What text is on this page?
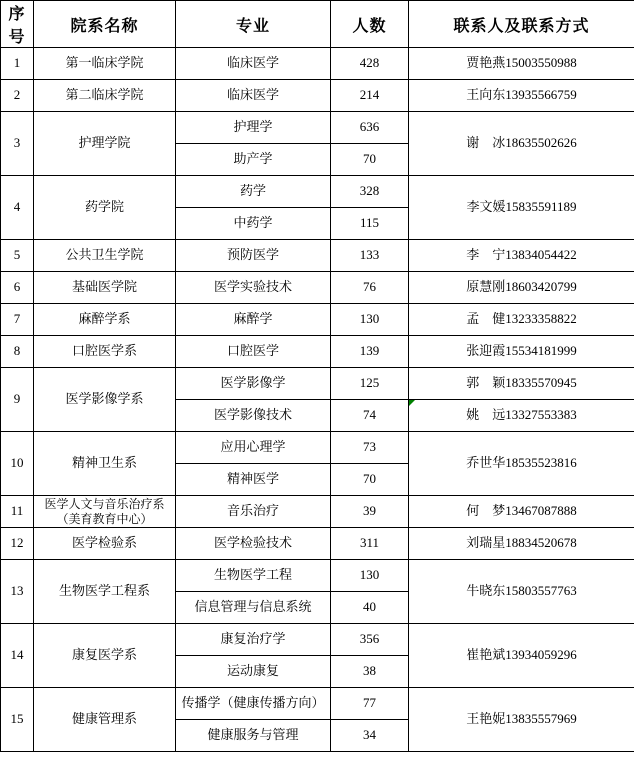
序号	院系名称	专业	人数	联系人及联系方式
1	第一临床学院	临床医学	428	贾艳燕15003550988
2	第二临床学院	临床医学	214	王向东13935566759
3	护理学院	护理学	636	谢　冰18635502626
		助产学	70	
4	药学院	药学	328	李文媛15835591189
		中药学	115	
5	公共卫生学院	预防医学	133	李　宁13834054422
6	基础医学院	医学实验技术	76	原慧刚18603420799
7	麻醉学系	麻醉学	130	孟　健13233358822
8	口腔医学系	口腔医学	139	张迎霞15534181999
9	医学影像学系	医学影像学	125	郭　颖18335570945
		医学影像技术	74	姚　远13327553383

10	精神卫生系	应用心理学	73	乔世华18535523816
		精神医学	70	
11	医学人文与音乐治疗系
（美育教育中心）	音乐治疗	39	何　梦13467087888
12	医学检验系	医学检验技术	311	刘瑞星18834520678
13	生物医学工程系	生物医学工程	130	牛晓东15803557763
		信息管理与信息系统	40	
14	康复医学系	康复治疗学	356	崔艳斌13934059296
		运动康复	38	
15	健康管理系	传播学（健康传播方向）	77	王艳妮13835557969
		健康服务与管理	34	
